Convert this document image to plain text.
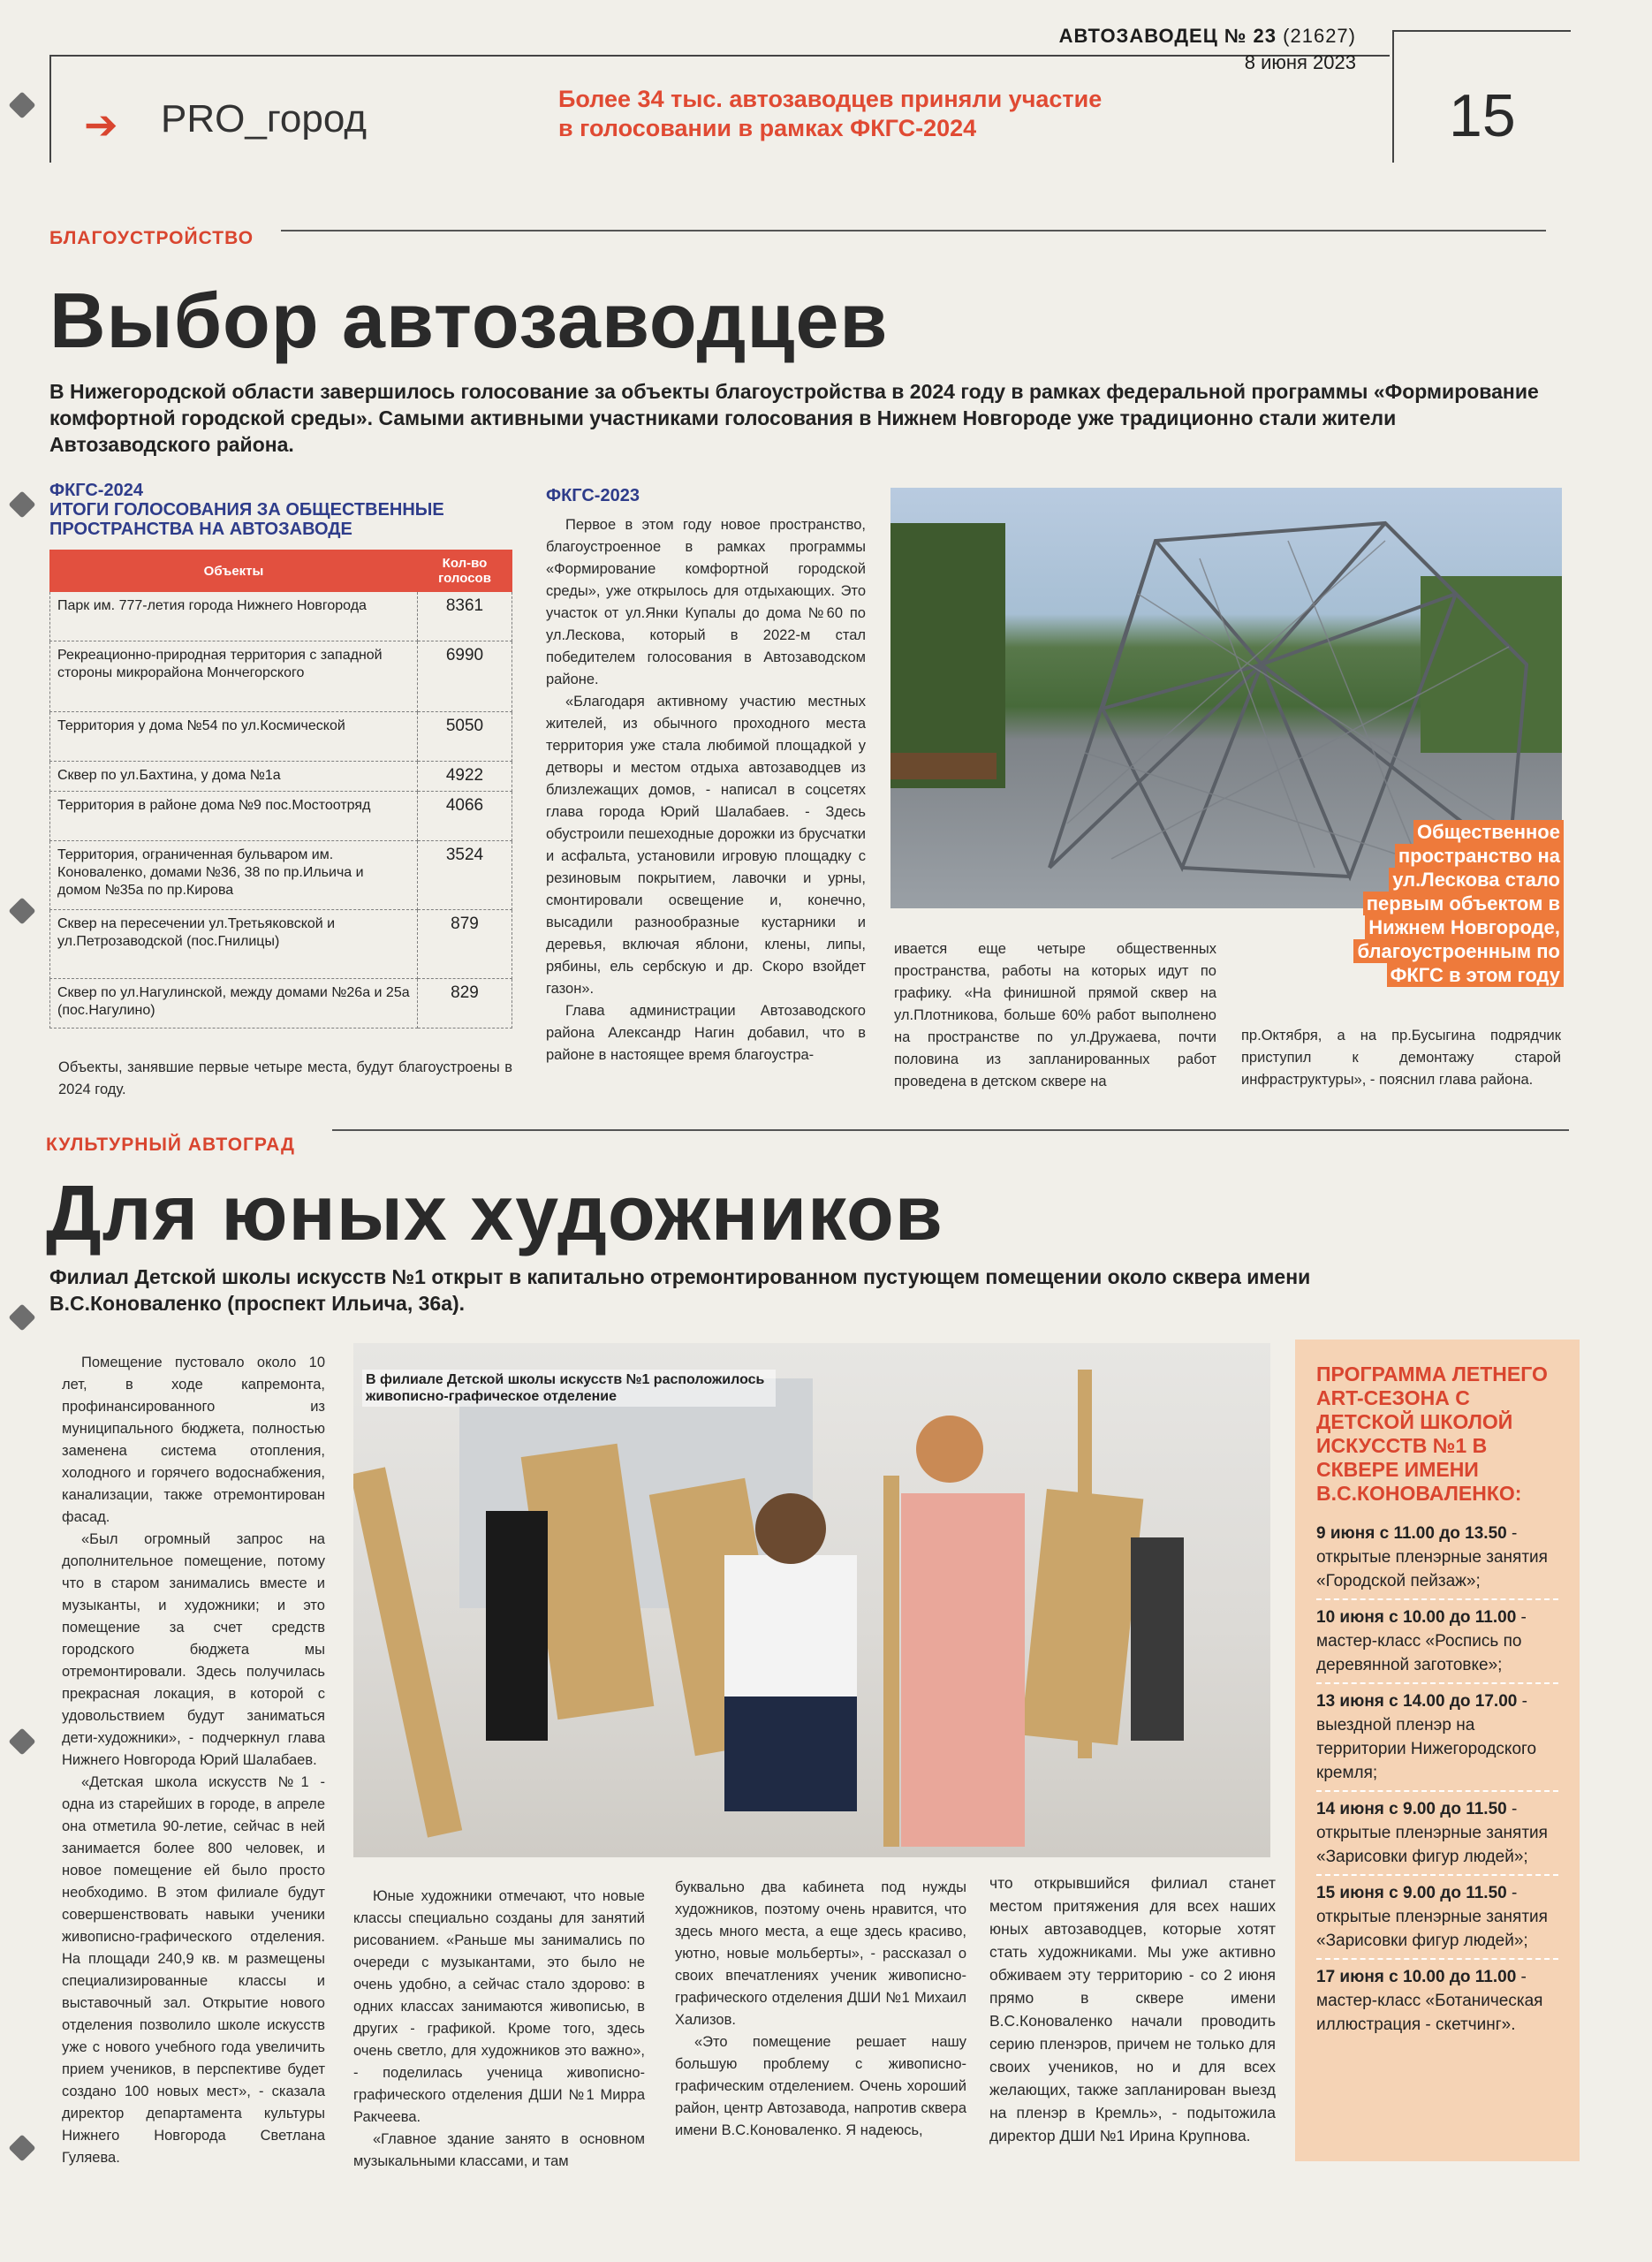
АВТОЗАВОДЕЦ № 23 (21627)
8 июня 2023
15
➔ PRO_город	Более 34 тыс. автозаводцев приняли участие
в голосовании в рамках ФКГС-2024
БЛАГОУСТРОЙСТВО
Выбор автозаводцев
В Нижегородской области завершилось голосование за объекты благоустройства в 2024 году в рамках федеральной программы «Формирование комфортной городской среды». Самыми активными участниками голосования в Нижнем Новгороде уже традиционно стали жители Автозаводского района.
ФКГС-2024
ИТОГИ ГОЛОСОВАНИЯ ЗА ОБЩЕСТВЕННЫЕ
ПРОСТРАНСТВА НА АВТОЗАВОДЕ
Объекты	Кол-во голосов
Парк им. 777-летия города Нижнего Новгорода	8361
Рекреационно-природная территория с западной стороны микрорайона Мончегорского	6990
Территория у дома №54 по ул.Космической	5050
Сквер по ул.Бахтина, у дома №1а	4922
Территория в районе дома №9 пос.Мостоотряд	4066
Территория, ограниченная бульваром им. Коноваленко, домами №36, 38 по пр.Ильича и домом №35а по пр.Кирова	3524
Сквер на пересечении ул.Третьяковской и ул.Петрозаводской (пос.Гнилицы)	879
Сквер по ул.Нагулинской, между домами №26а и 25а (пос.Нагулино)	829
Объекты, занявшие первые четыре места, будут благоустроены в 2024 году.
ФКГС-2023

Первое в этом году новое пространство, благоустроенное в рамках программы «Формирование комфортной городской среды», уже открылось для отдыхающих. Это участок от ул.Янки Купалы до дома №60 по ул.Лескова, который в 2022-м стал победителем голосования в Автозаводском районе.

«Благодаря активному участию местных жителей, из обычного проходного места территория уже стала любимой площадкой у детворы и местом отдыха автозаводцев из близлежащих домов, - написал в соцсетях глава города Юрий Шалабаев. - Здесь обустроили пешеходные дорожки из брусчатки и асфальта, установили игровую площадку с резиновым покрытием, лавочки и урны, смонтировали освещение и, конечно, высадили разнообразные кустарники и деревья, включая яблони, клены, липы, рябины, ель сербскую и др. Скоро взойдет газон».

Глава администрации Автозаводского района Александр Нагин добавил, что в районе в настоящее время благоустра-

Общественное
пространство на
ул.Лескова стало
первым объектом в
Нижнем Новгороде,
благоустроенным по
ФКГС в этом году
ивается еще четыре общественных пространства, работы на которых идут по графику. «На финишной прямой сквер на ул.Плотникова, больше 60% работ выполнено на пространстве по ул.Дружаева, почти половина из запланированных работ проведена в детском сквере на
пр.Октября, а на пр.Бусыгина подрядчик приступил к демонтажу старой инфраструктуры», - пояснил глава района.
КУЛЬТУРНЫЙ АВТОГРАД
Для юных художников
Филиал Детской школы искусств №1 открыт в капитально отремонтированном пустующем помещении около сквера имени В.С.Коноваленко (проспект Ильича, 36а).

Помещение пустовало около 10 лет, в ходе капремонта, профинансированного из муниципального бюджета, полностью заменена система отопления, холодного и горячего водоснабжения, канализации, также отремонтирован фасад.

«Был огромный запрос на дополнительное помещение, потому что в старом занимались вместе и музыканты, и художники; и это помещение за счет средств городского бюджета мы отремонтировали. Здесь получилась прекрасная локация, в которой с удовольствием будут заниматься дети-художники», - подчеркнул глава Нижнего Новгорода Юрий Шалабаев.

«Детская школа искусств №1 - одна из старейших в городе, в апреле она отметила 90-летие, сейчас в ней занимается более 800 человек, и новое помещение ей было просто необходимо. В этом филиале будут совершенствовать навыки ученики живописно-графического отделения. На площади 240,9 кв. м размещены специализированные классы и выставочный зал. Открытие нового отделения позволило школе искусств уже с нового учебного года увеличить прием учеников, в перспективе будет создано 100 новых мест», - сказала директор департамента культуры Нижнего Новгорода Светлана Гуляева.

В филиале Детской школы искусств №1 расположилось живописно-графическое отделение
ПРОГРАММА ЛЕТНЕГО ART-СЕЗОНА С ДЕТСКОЙ ШКОЛОЙ ИСКУССТВ №1 В СКВЕРЕ ИМЕНИ В.С.КОНОВАЛЕНКО:
9 июня с 11.00 до 13.50 - открытые пленэрные занятия «Городской пейзаж»;
10 июня с 10.00 до 11.00 - мастер-класс «Роспись по деревянной заготовке»;
13 июня с 14.00 до 17.00 - выездной пленэр на территории Нижегородского кремля;
14 июня с 9.00 до 11.50 - открытые пленэрные занятия «Зарисовки фигур людей»;
15 июня с 9.00 до 11.50 - открытые пленэрные занятия «Зарисовки фигур людей»;
17 июня с 10.00 до 11.00 - мастер-класс «Ботаническая иллюстрация - скетчинг».

Юные художники отмечают, что новые классы специально созданы для занятий рисованием. «Раньше мы занимались по очереди с музыкантами, это было не очень удобно, а сейчас стало здорово: в одних классах занимаются живописью, в других - графикой. Кроме того, здесь очень светло, для художников это важно», - поделилась ученица живописно-графического отделения ДШИ №1 Мирра Ракчеева.

«Главное здание занято в основном музыкальными классами, и там

буквально два кабинета под нужды художников, поэтому очень нравится, что здесь много места, а еще здесь красиво, уютно, новые мольберты», - рассказал о своих впечатлениях ученик живописно-графического отделения ДШИ №1 Михаил Хализов.

«Это помещение решает нашу большую проблему с живописно-графическим отделением. Очень хороший район, центр Автозавода, напротив сквера имени В.С.Коноваленко. Я надеюсь,

что открывшийся филиал станет местом притяжения для всех наших юных автозаводцев, которые хотят стать художниками. Мы уже активно обживаем эту территорию - со 2 июня прямо в сквере имени В.С.Коноваленко начали проводить серию пленэров, причем не только для своих учеников, но и для всех желающих, также запланирован выезд на пленэр в Кремль», - подытожила директор ДШИ №1 Ирина Крупнова.
